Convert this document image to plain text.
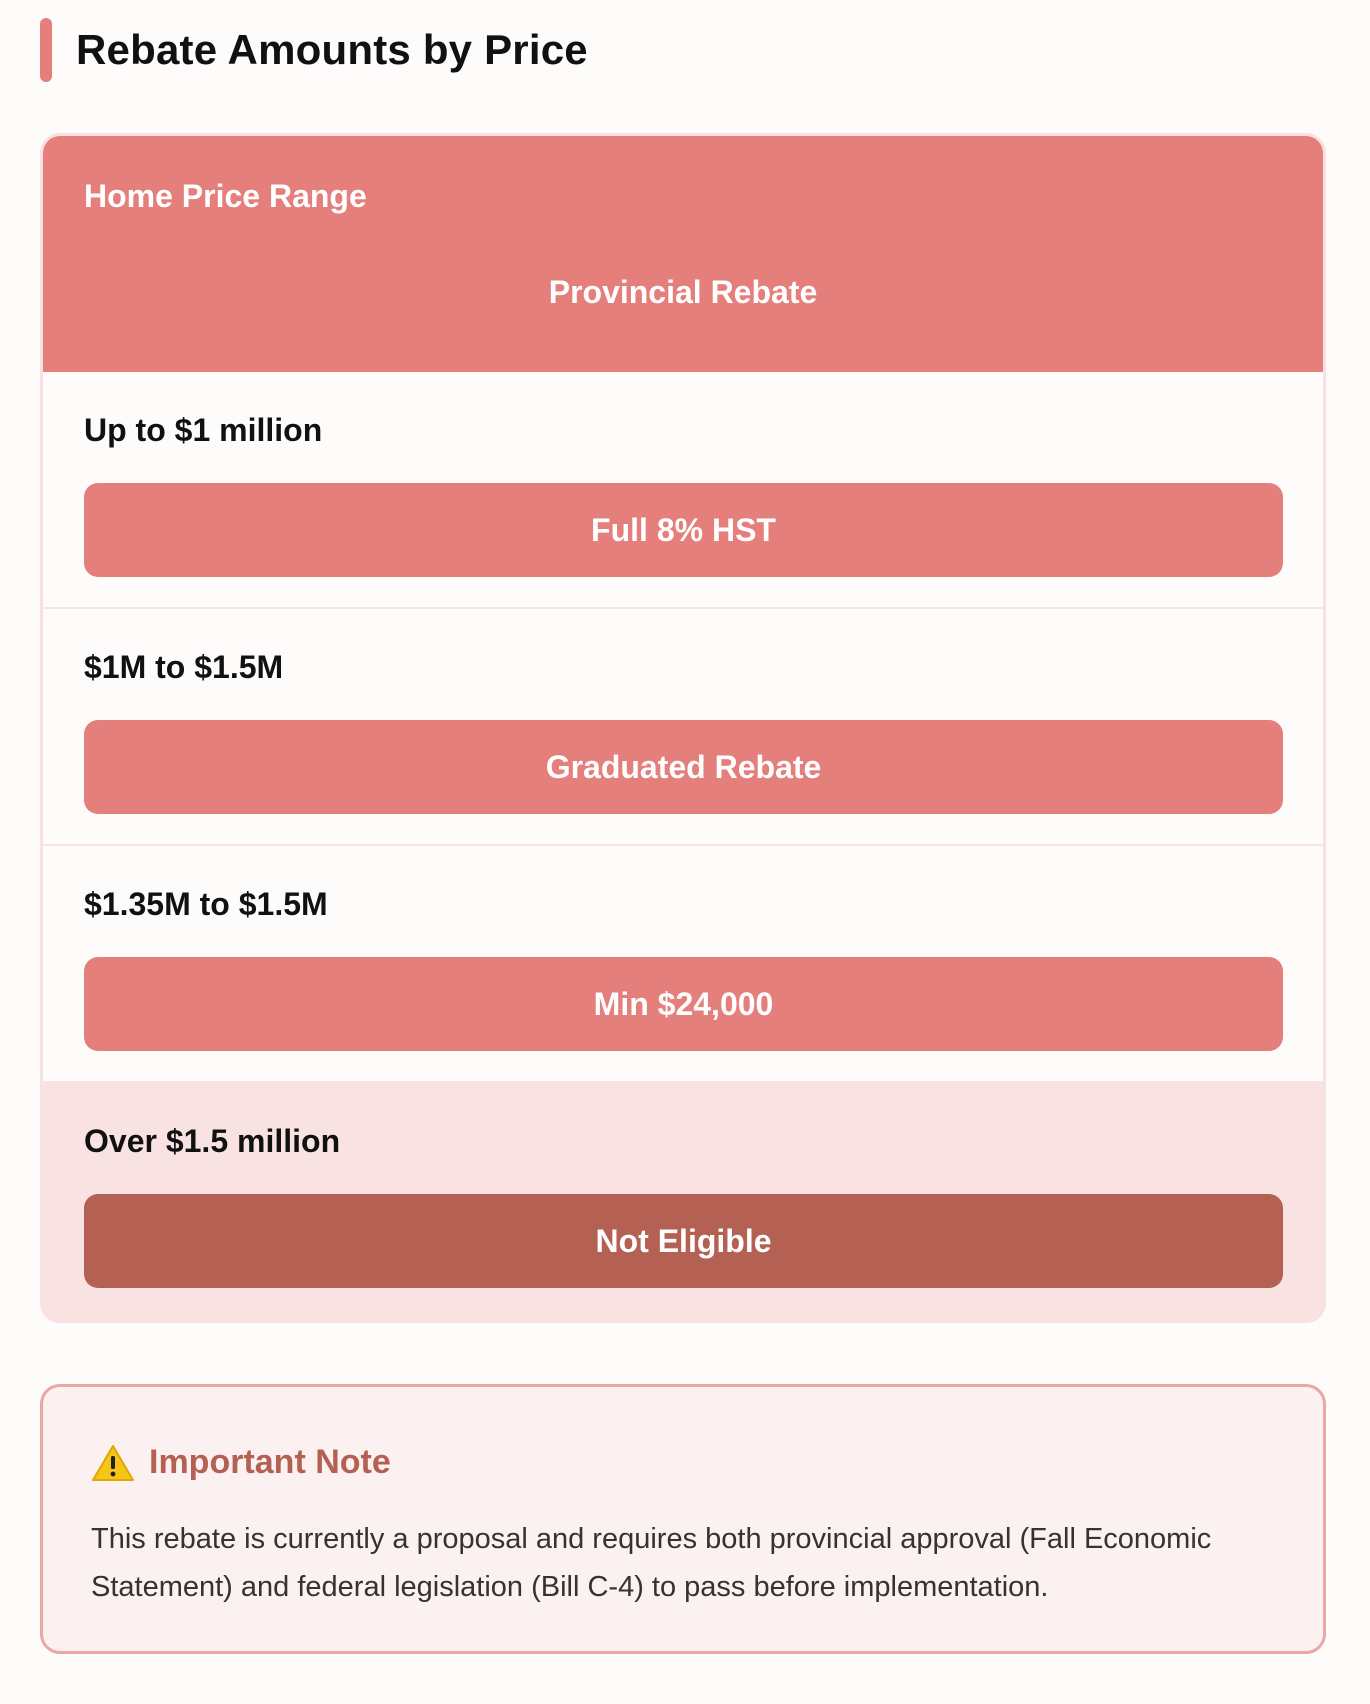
Rebate Amounts by Price
Home Price Range
Provincial Rebate
Up to $1 million
Full 8% HST
$1M to $1.5M
Graduated Rebate
$1.35M to $1.5M
Min $24,000
Over $1.5 million
Not Eligible
Important Note
This rebate is currently a proposal and requires both provincial approval (Fall Economic Statement) and federal legislation (Bill C-4) to pass before implementation.
